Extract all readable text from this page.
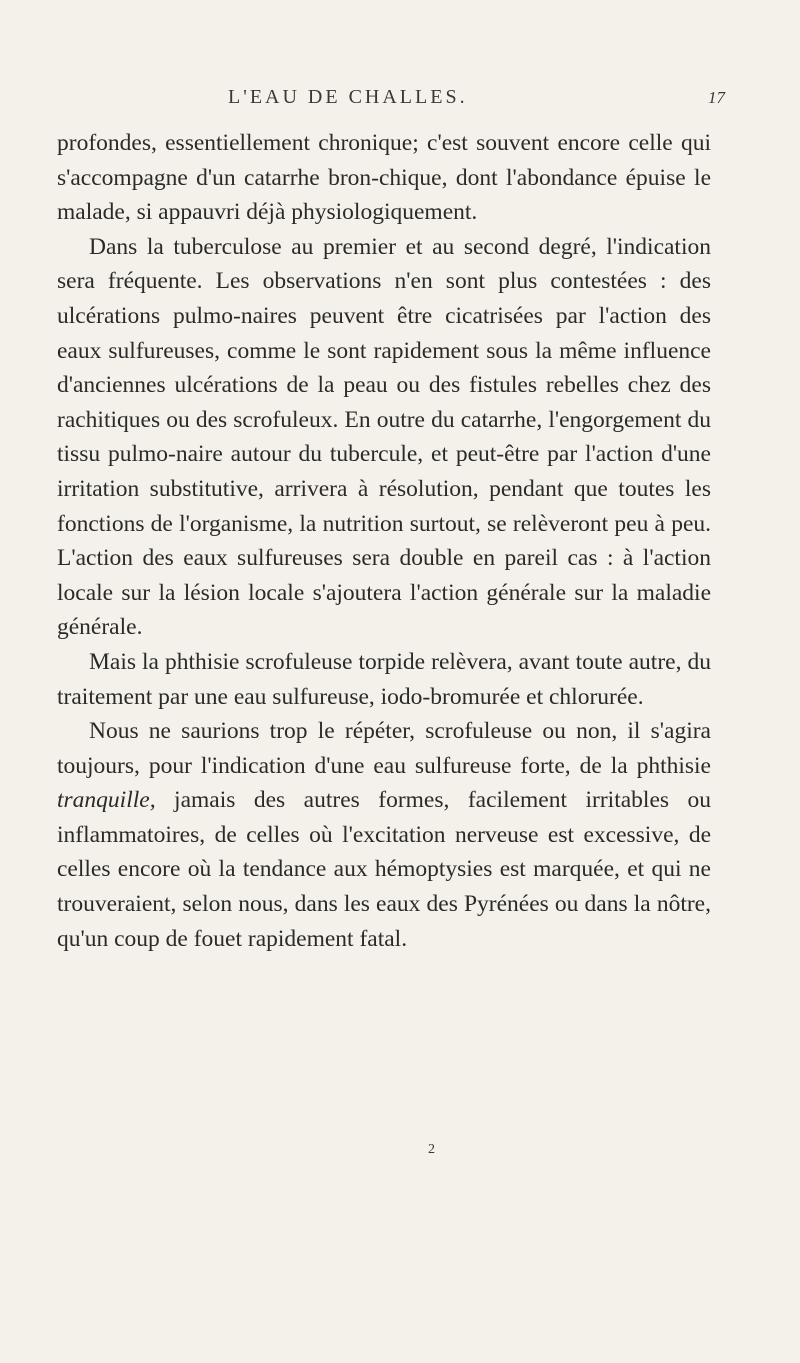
L'EAU DE CHALLES.	17

profondes, essentiellement chronique; c'est souvent encore celle qui s'accompagne d'un catarrhe bron-chique, dont l'abondance épuise le malade, si appauvri déjà physiologiquement.

Dans la tuberculose au premier et au second degré, l'indication sera fréquente. Les observations n'en sont plus contestées : des ulcérations pulmo-naires peuvent être cicatrisées par l'action des eaux sulfureuses, comme le sont rapidement sous la même influence d'anciennes ulcérations de la peau ou des fistules rebelles chez des rachitiques ou des scrofuleux. En outre du catarrhe, l'engorgement du tissu pulmo-naire autour du tubercule, et peut-être par l'action d'une irritation substitutive, arrivera à résolution, pendant que toutes les fonctions de l'organisme, la nutrition surtout, se relèveront peu à peu. L'action des eaux sulfureuses sera double en pareil cas : à l'action locale sur la lésion locale s'ajoutera l'action générale sur la maladie générale.

Mais la phthisie scrofuleuse torpide relèvera, avant toute autre, du traitement par une eau sulfureuse, iodo-bromurée et chlorurée.

Nous ne saurions trop le répéter, scrofuleuse ou non, il s'agira toujours, pour l'indication d'une eau sulfureuse forte, de la phthisie tranquille, jamais des autres formes, facilement irritables ou inflammatoires, de celles où l'excitation nerveuse est excessive, de celles encore où la tendance aux hémoptysies est marquée, et qui ne trouveraient, selon nous, dans les eaux des Pyrénées ou dans la nôtre, qu'un coup de fouet rapidement fatal.

2
